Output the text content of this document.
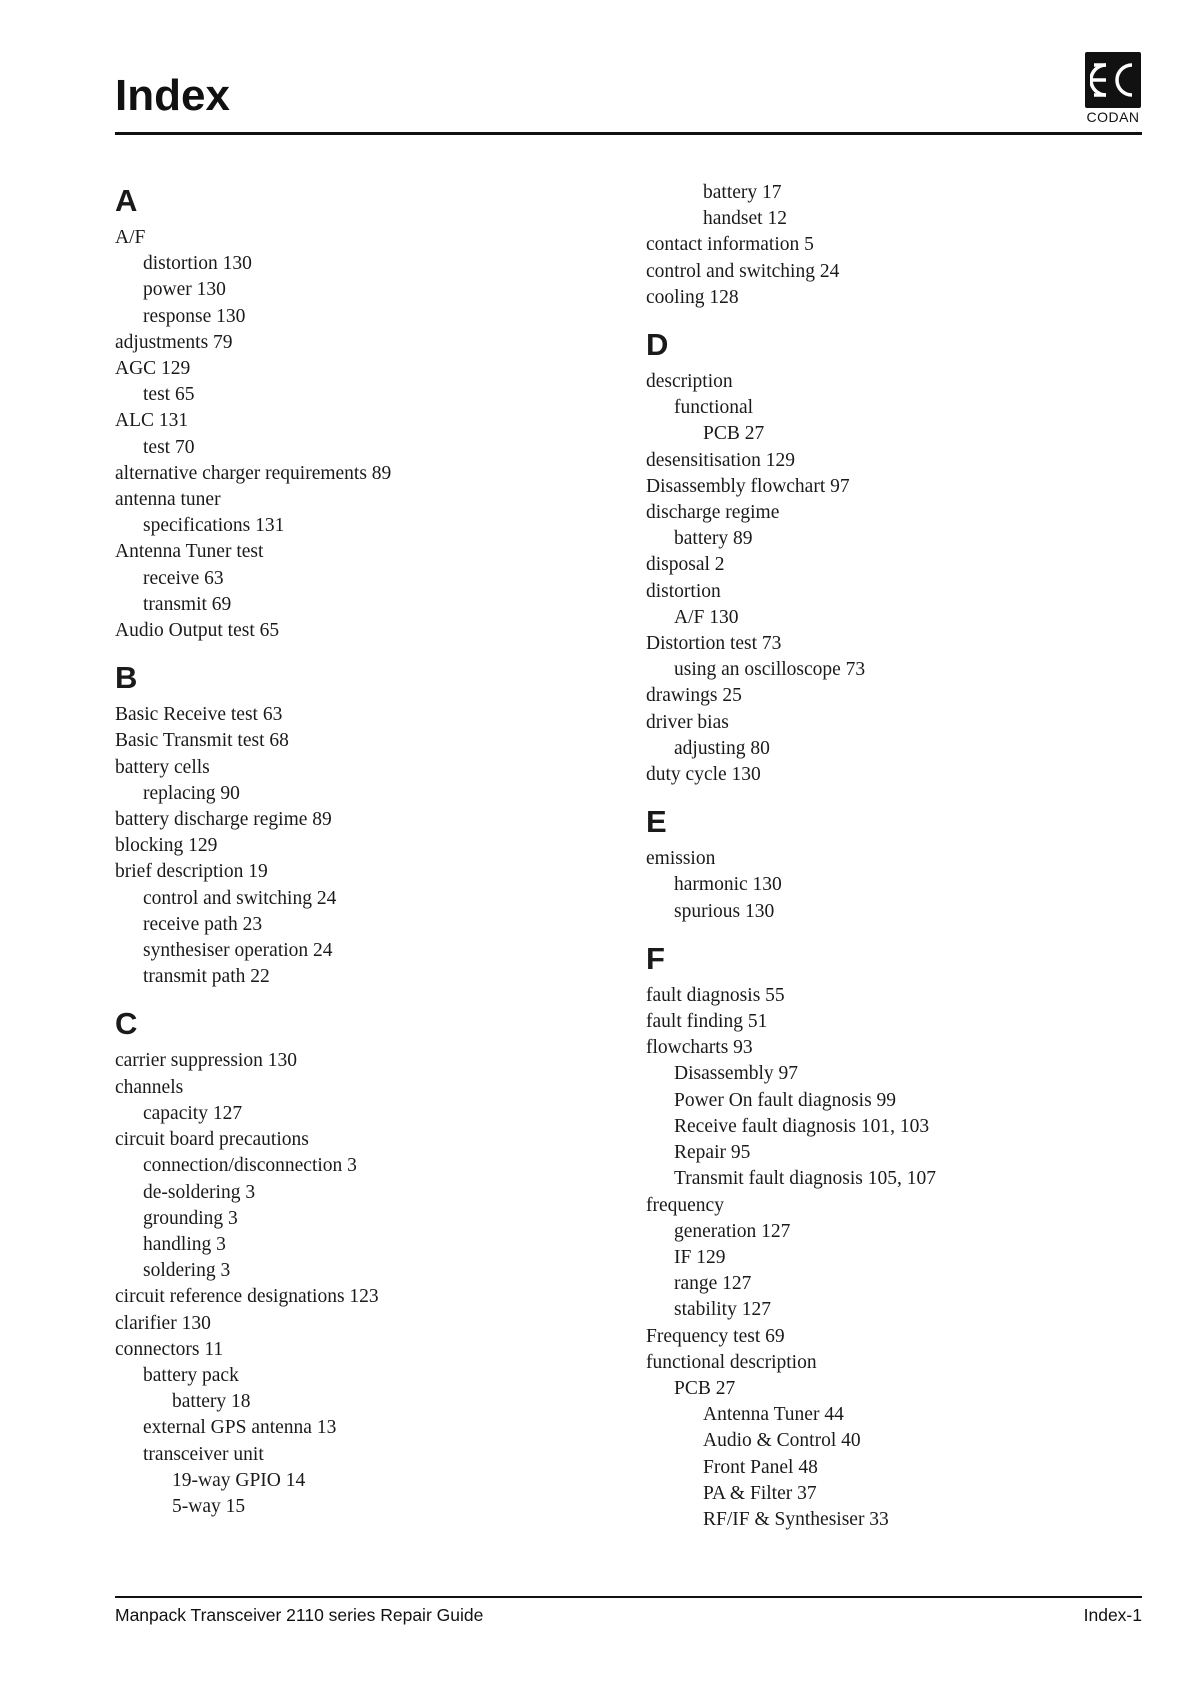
Index	CODAN
A
A/F
distortion 130
power 130
response 130
adjustments 79
AGC 129
test 65
ALC 131
test 70
alternative charger requirements 89
antenna tuner
specifications 131
Antenna Tuner test
receive 63
transmit 69
Audio Output test 65
B
Basic Receive test 63
Basic Transmit test 68
battery cells
replacing 90
battery discharge regime 89
blocking 129
brief description 19
control and switching 24
receive path 23
synthesiser operation 24
transmit path 22
C
carrier suppression 130
channels
capacity 127
circuit board precautions
connection/disconnection 3
de-soldering 3
grounding 3
handling 3
soldering 3
circuit reference designations 123
clarifier 130
connectors 11
battery pack
battery 18
external GPS antenna 13
transceiver unit
19-way GPIO 14
5-way 15
battery 17
handset 12
contact information 5
control and switching 24
cooling 128
D
description
functional
PCB 27
desensitisation 129
Disassembly flowchart 97
discharge regime
battery 89
disposal 2
distortion
A/F 130
Distortion test 73
using an oscilloscope 73
drawings 25
driver bias
adjusting 80
duty cycle 130
E
emission
harmonic 130
spurious 130
F
fault diagnosis 55
fault finding 51
flowcharts 93
Disassembly 97
Power On fault diagnosis 99
Receive fault diagnosis 101, 103
Repair 95
Transmit fault diagnosis 105, 107
frequency
generation 127
IF 129
range 127
stability 127
Frequency test 69
functional description
PCB 27
Antenna Tuner 44
Audio & Control 40
Front Panel 48
PA & Filter 37
RF/IF & Synthesiser 33
Manpack Transceiver 2110 series Repair Guide	Index-1
